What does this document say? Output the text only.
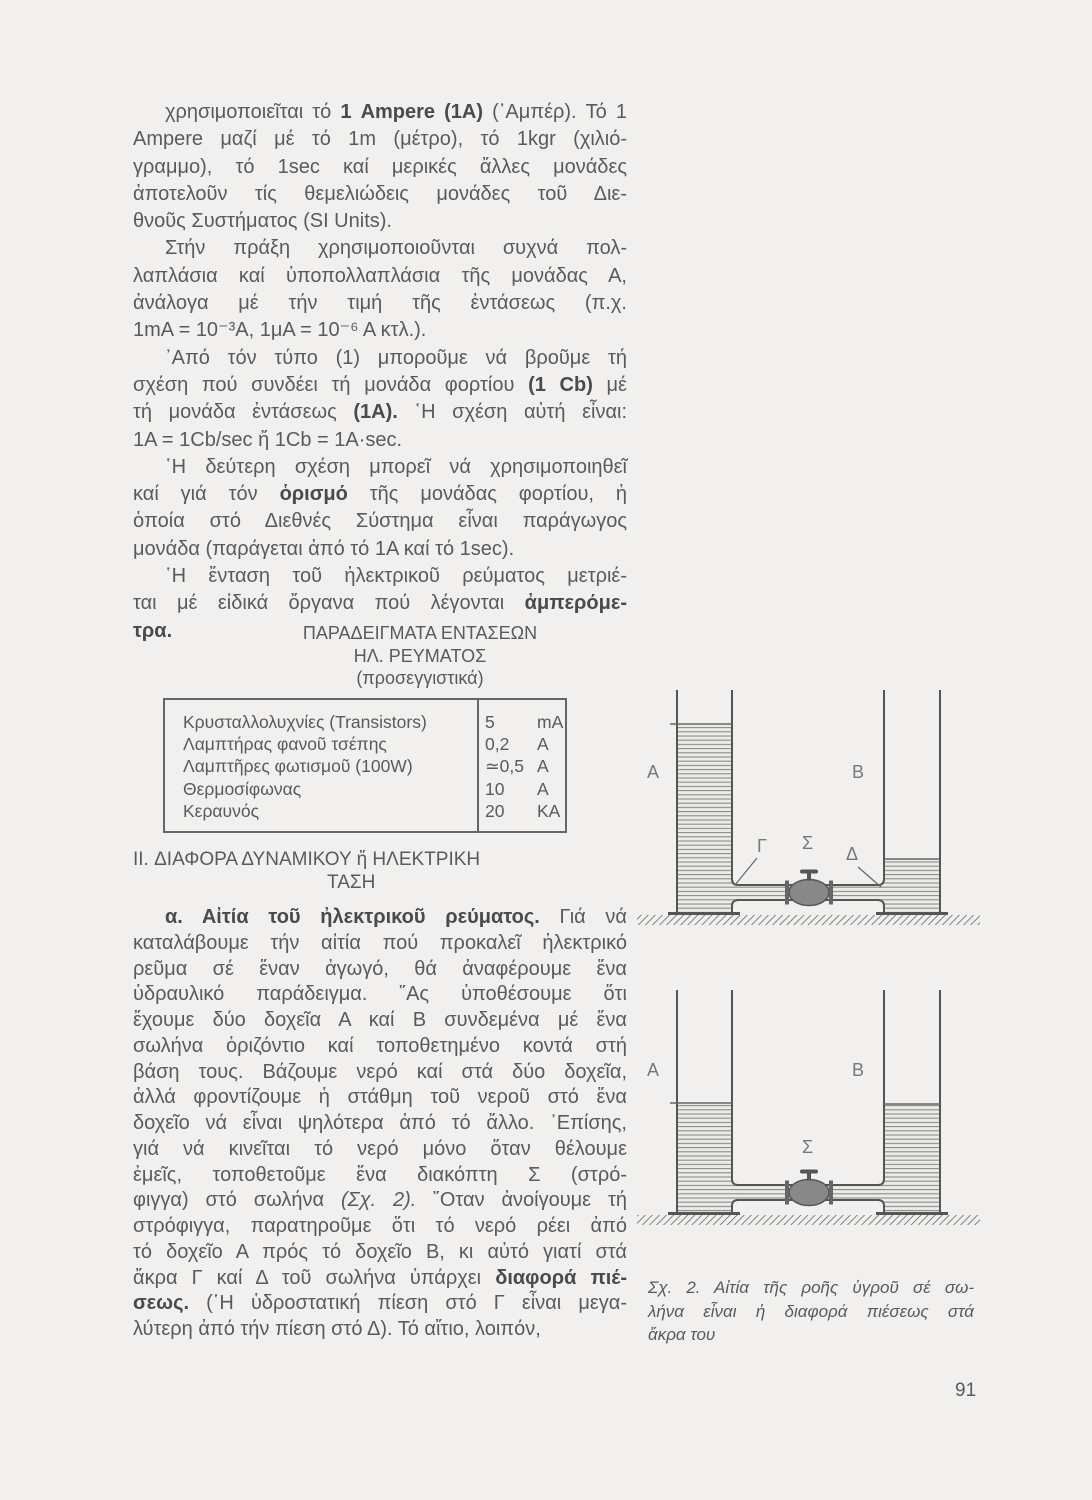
χρησιμοποιεῖται τό 1 Ampere (1A) (᾿Αμπέρ). Τό 1
Ampere μαζί μέ τό 1m (μέτρο), τό 1kgr (χιλιό-
γραμμο), τό 1sec καί μερικές ἄλλες μονάδες
ἀποτελοῦν τίς θεμελιώδεις μονάδες τοῦ Διε-
θνοῦς Συστήματος (SI Units).
Στήν πράξη χρησιμοποιοῦνται συχνά πολ-
λαπλάσια καί ὑποπολλαπλάσια τῆς μονάδας Α,
ἀνάλογα μέ τήν τιμή τῆς ἐντάσεως (π.χ.
1mA = 10⁻³A, 1μA = 10⁻⁶ A κτλ.).
᾿Από τόν τύπο (1) μποροῦμε νά βροῦμε τή
σχέση πού συνδέει τή μονάδα φορτίου (1 Cb) μέ
τή μονάδα ἐντάσεως (1A). ῾Η σχέση αὐτή εἶναι:
1A = 1Cb/sec ἤ 1Cb = 1A·sec.
῾Η δεύτερη σχέση μπορεῖ νά χρησιμοποιηθεῖ
καί γιά τόν ὁρισμό τῆς μονάδας φορτίου, ἡ
ὁποία στό Διεθνές Σύστημα εἶναι παράγωγος
μονάδα (παράγεται ἀπό τό 1A καί τό 1sec).
῾Η ἔνταση τοῦ ἠλεκτρικοῦ ρεύματος μετριέ-
ται μέ εἰδικά ὄργανα πού λέγονται ἀμπερόμε-
τρα.	ΠΑΡΑΔΕΙΓΜΑΤΑ ΕΝΤΑΣΕΩΝ
ΗΛ. ΡΕΥΜΑΤΟΣ
(προσεγγιστικά)
Κρυσταλλολυχνίες (Transistors)	5 mA
Λαμπτήρας φανοῦ τσέπης	0,2 A
Λαμπτῆρες φωτισμοῦ (100W)	≃0,5 A
Θερμοσίφωνας	10 A
Κεραυνός	20 KA
II. ΔΙΑΦΟΡΑ ΔΥΝΑΜΙΚΟΥ ἤ ΗΛΕΚΤΡΙΚΗ
ΤΑΣΗ
α. Αἰτία τοῦ ἠλεκτρικοῦ ρεύματος. Γιά νά
καταλάβουμε τήν αἰτία πού προκαλεῖ ἠλεκτρικό
ρεῦμα σέ ἕναν ἀγωγό, θά ἀναφέρουμε ἕνα
ὑδραυλικό παράδειγμα. ῞Ας ὑποθέσουμε ὅτι
ἔχουμε δύο δοχεῖα Α καί Β συνδεμένα μέ ἕνα
σωλήνα ὁριζόντιο καί τοποθετημένο κοντά στή
βάση τους. Βάζουμε νερό καί στά δύο δοχεῖα,
ἀλλά φροντίζουμε ἡ στάθμη τοῦ νεροῦ στό ἕνα
δοχεῖο νά εἶναι ψηλότερα ἀπό τό ἄλλο. ᾿Επίσης,
γιά νά κινεῖται τό νερό μόνο ὅταν θέλουμε
ἐμεῖς, τοποθετοῦμε ἕνα διακόπτη Σ (στρό-
φιγγα) στό σωλήνα (Σχ. 2). ῞Οταν ἀνοίγουμε τή
στρόφιγγα, παρατηροῦμε ὅτι τό νερό ρέει ἀπό
τό δοχεῖο Α πρός τό δοχεῖο Β, κι αὐτό γιατί στά
ἄκρα Γ καί Δ τοῦ σωλήνα ὑπάρχει διαφορά πιέ-
σεως. (῾Η ὑδροστατική πίεση στό Γ εἶναι μεγα-
λύτερη ἀπό τήν πίεση στό Δ). Τό αἴτιο, λοιπόν,
Α	Β
Γ Σ
Δ
Α	Β
Σ
Σχ. 2. Αἰτία τῆς ροῆς ὑγροῦ σέ σω-
λήνα εἶναι ἡ διαφορά πιέσεως στά
ἄκρα του
91
